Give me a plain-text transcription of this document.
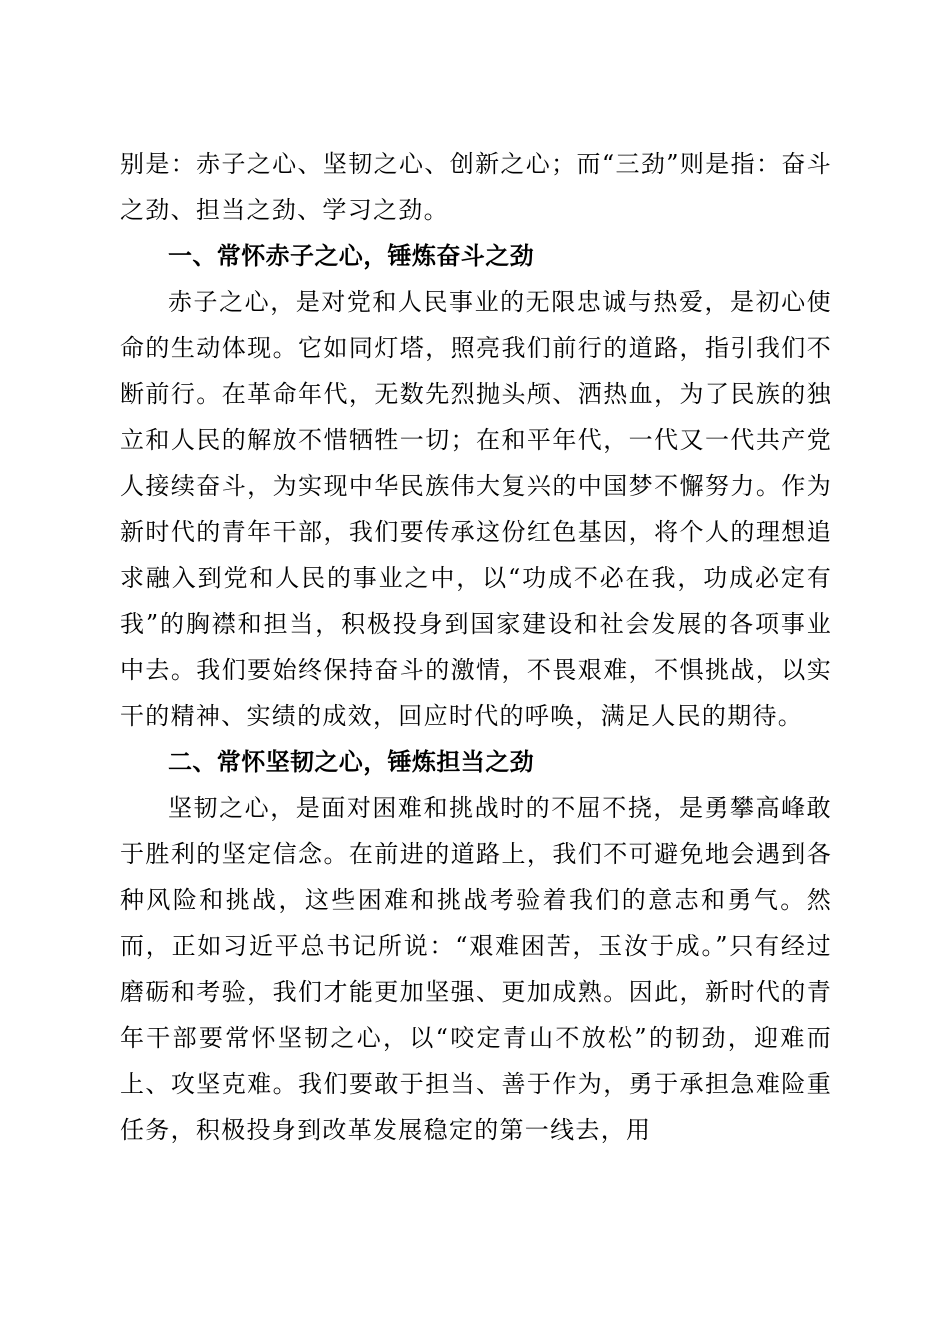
别是：赤子之心、坚韧之心、创新之心；而“三劲”则是指：奋斗之劲、担当之劲、学习之劲。

一、常怀赤子之心，锤炼奋斗之劲

赤子之心，是对党和人民事业的无限忠诚与热爱，是初心使命的生动体现。它如同灯塔，照亮我们前行的道路，指引我们不断前行。在革命年代，无数先烈抛头颅、洒热血，为了民族的独立和人民的解放不惜牺牲一切；在和平年代，一代又一代共产党人接续奋斗，为实现中华民族伟大复兴的中国梦不懈努力。作为新时代的青年干部，我们要传承这份红色基因，将个人的理想追求融入到党和人民的事业之中，以“功成不必在我，功成必定有我”的胸襟和担当，积极投身到国家建设和社会发展的各项事业中去。我们要始终保持奋斗的激情，不畏艰难，不惧挑战，以实干的精神、实绩的成效，回应时代的呼唤，满足人民的期待。

二、常怀坚韧之心，锤炼担当之劲

坚韧之心，是面对困难和挑战时的不屈不挠，是勇攀高峰敢于胜利的坚定信念。在前进的道路上，我们不可避免地会遇到各种风险和挑战，这些困难和挑战考验着我们的意志和勇气。然而，正如习近平总书记所说：“艰难困苦，玉汝于成。”只有经过磨砺和考验，我们才能更加坚强、更加成熟。因此，新时代的青年干部要常怀坚韧之心，以“咬定青山不放松”的韧劲，迎难而上、攻坚克难。我们要敢于担当、善于作为，勇于承担急难险重任务，积极投身到改革发展稳定的第一线去，用
